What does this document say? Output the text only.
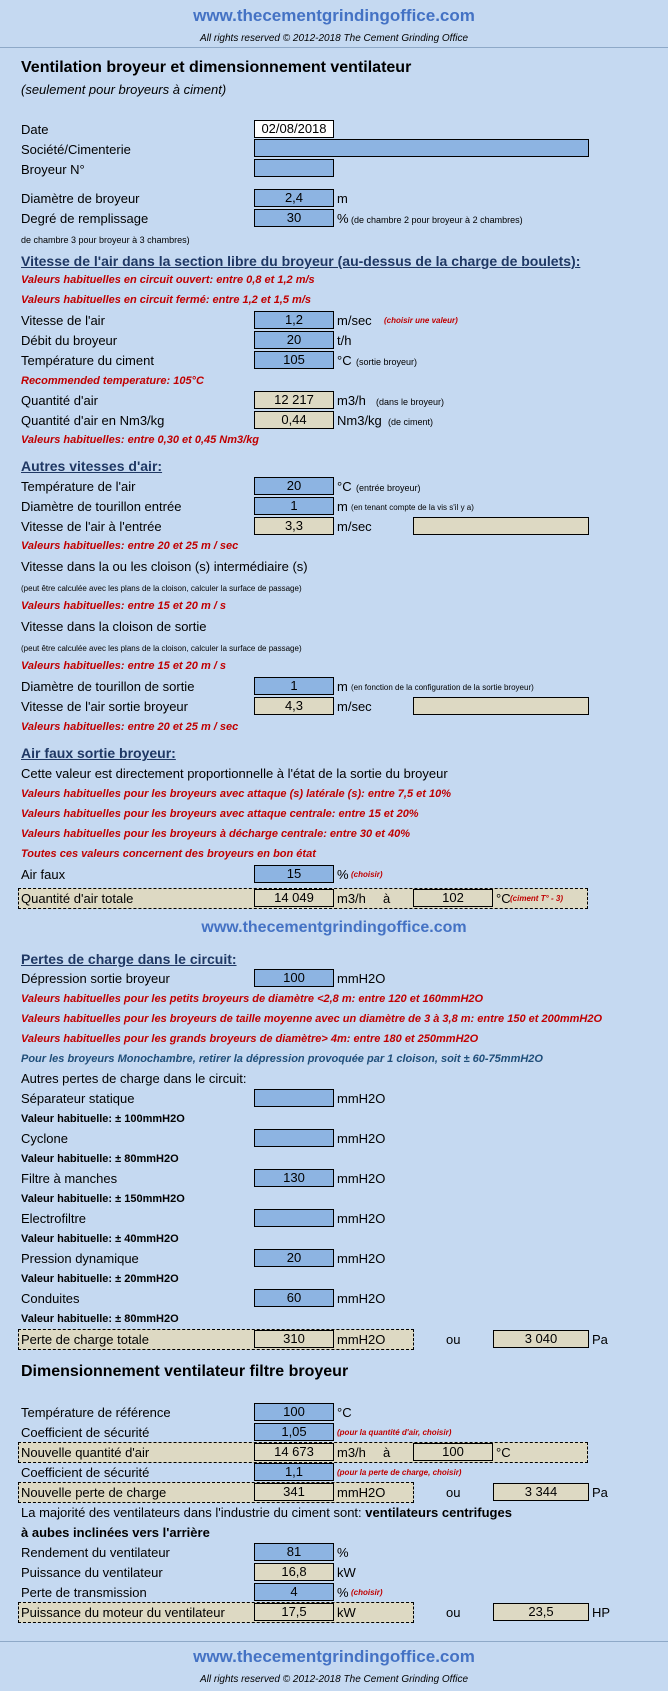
www.thecementgrindingoffice.com
All rights reserved © 2012-2018 The Cement Grinding Office
Ventilation broyeur et dimensionnement ventilateur
(seulement pour broyeurs à ciment)
Date	02/08/2018
Société/Cimenterie
Broyeur N°
Diamètre de broyeur	2,4	m
Degré de remplissage	30	% (de chambre 2 pour broyeur à 2 chambres)
de chambre 3 pour broyeur à 3 chambres)
Vitesse de l'air dans la section libre du broyeur (au-dessus de la charge de boulets):
Valeurs habituelles en circuit ouvert: entre 0,8 et 1,2 m/s
Valeurs habituelles en circuit fermé: entre 1,2 et 1,5 m/s
Vitesse de l'air	1,2	m/sec (choisir une valeur)
Débit du broyeur	20	t/h
Température du ciment	105	°C (sortie broyeur)
Recommended temperature: 105°C
Quantité d'air	12 217	m3/h (dans le broyeur)
Quantité d'air en Nm3/kg	0,44	Nm3/kg (de ciment)
Valeurs habituelles: entre 0,30 et 0,45 Nm3/kg
Autres vitesses d'air:
Température de l'air	20	°C (entrée broyeur)
Diamètre de tourillon entrée	1	m (en tenant compte de la vis s'il y a)
Vitesse de l'air à l'entrée	3,3	m/sec
Valeurs habituelles: entre 20 et 25 m / sec
Vitesse dans la ou les cloison (s) intermédiaire (s)
(peut être calculée avec les plans de la cloison, calculer la surface de passage)
Valeurs habituelles: entre 15 et 20 m / s
Vitesse dans la cloison de sortie
(peut être calculée avec les plans de la cloison, calculer la surface de passage)
Valeurs habituelles: entre 15 et 20 m / s
Diamètre de tourillon de sortie	1	m (en fonction de la configuration de la sortie broyeur)
Vitesse de l'air sortie broyeur	4,3	m/sec
Valeurs habituelles: entre 20 et 25 m / sec
Air faux sortie broyeur:
Cette valeur est directement proportionnelle à l'état de la sortie du broyeur
Valeurs habituelles pour les broyeurs avec attaque (s) latérale (s): entre 7,5 et 10%
Valeurs habituelles pour les broyeurs avec attaque centrale: entre 15 et 20%
Valeurs habituelles pour les broyeurs à décharge centrale: entre 30 et 40%
Toutes ces valeurs concernent des broyeurs en bon état
Air faux	15	% (choisir)
Quantité d'air totale	14 049	m3/h à	102	°C (ciment T° - 3)
www.thecementgrindingoffice.com
Pertes de charge dans le circuit:
Dépression sortie broyeur	100	mmH2O
Valeurs habituelles pour les petits broyeurs de diamètre <2,8 m: entre 120 et 160mmH2O
Valeurs habituelles pour les broyeurs de taille moyenne avec un diamètre de 3 à 3,8 m: entre 150 et 200mmH2O
Valeurs habituelles pour les grands broyeurs de diamètre> 4m: entre 180 et 250mmH2O
Pour les broyeurs Monochambre, retirer la dépression provoquée par 1 cloison, soit ± 60-75mmH2O
Autres pertes de charge dans le circuit:
Séparateur statique	mmH2O
Valeur habituelle: ± 100mmH2O
Cyclone	mmH2O
Valeur habituelle: ± 80mmH2O
Filtre à manches	130	mmH2O
Valeur habituelle: ± 150mmH2O
Electrofiltre	mmH2O
Valeur habituelle: ± 40mmH2O
Pression dynamique	20	mmH2O
Valeur habituelle: ± 20mmH2O
Conduites	60	mmH2O
Valeur habituelle: ± 80mmH2O
Perte de charge totale	310	mmH2O	ou	3 040	Pa
Dimensionnement ventilateur filtre broyeur
Température de référence	100	°C
Coefficient de sécurité	1,05	(pour la quantité d'air, choisir)
Nouvelle quantité d'air	14 673	m3/h à	100	°C
Coefficient de sécurité	1,1	(pour la perte de charge, choisir)
Nouvelle perte de charge	341	mmH2O	ou	3 344	Pa
La majorité des ventilateurs dans l'industrie du ciment sont: ventilateurs centrifuges
à aubes inclinées vers l'arrière
Rendement du ventilateur	81	%
Puissance du ventilateur	16,8	kW
Perte de transmission	4	% (choisir)
Puissance du moteur du ventilateur	17,5	kW	ou	23,5	HP
www.thecementgrindingoffice.com
All rights reserved © 2012-2018 The Cement Grinding Office
